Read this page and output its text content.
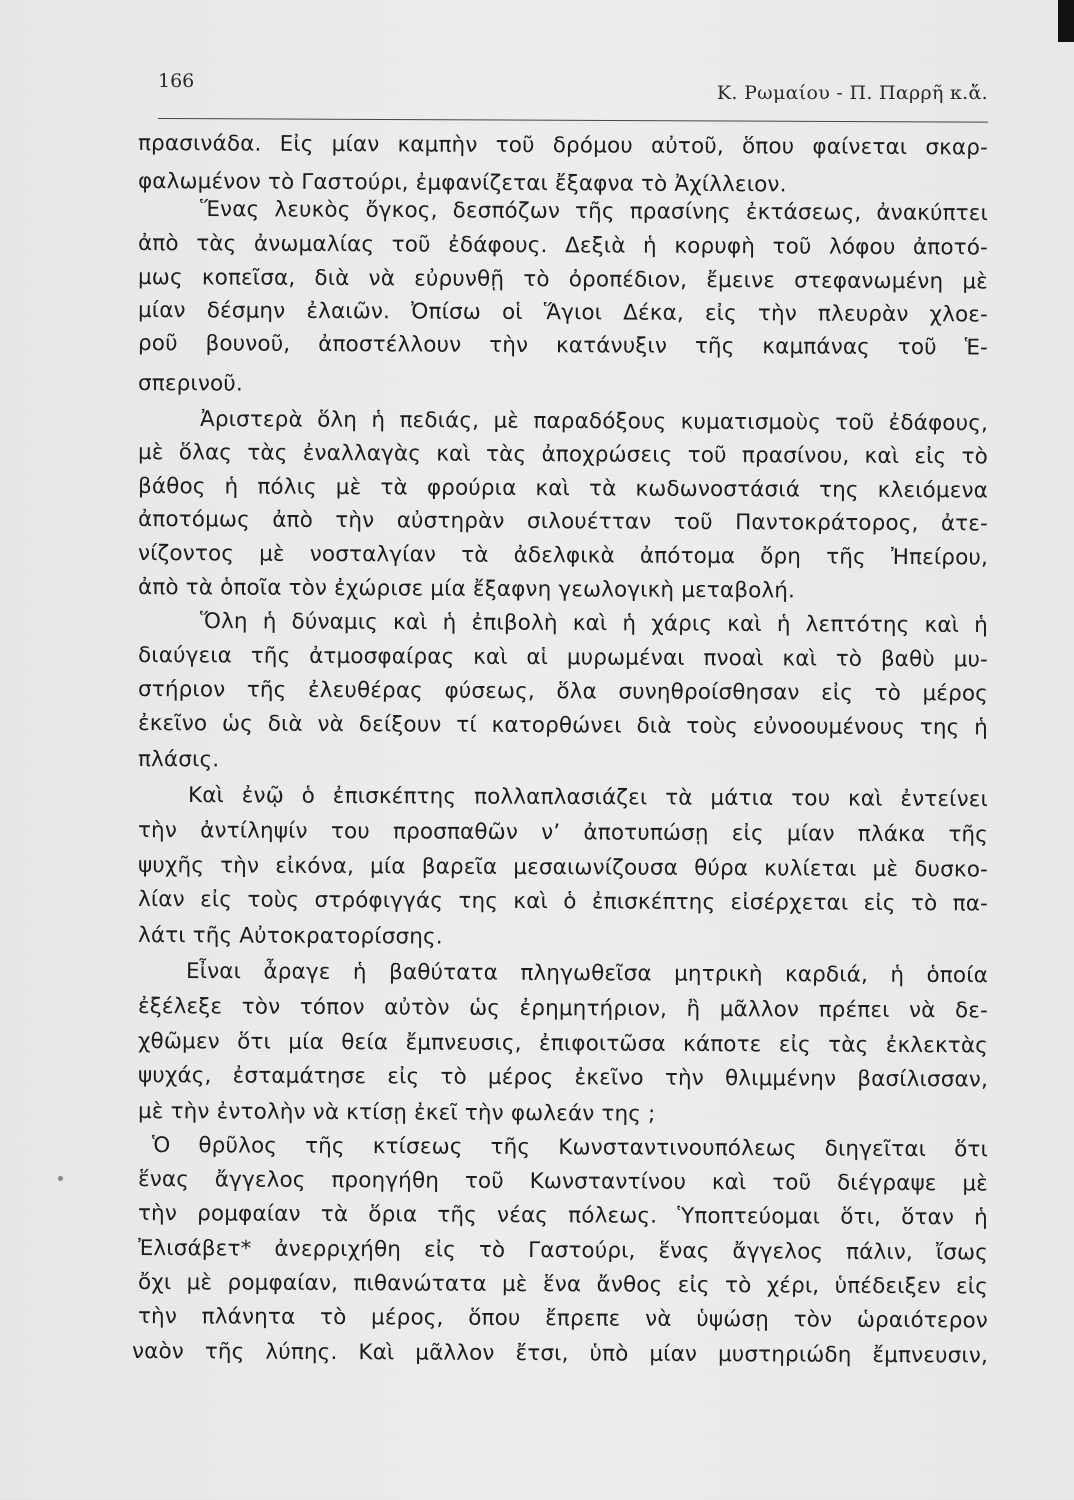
166
Κ. Ρωμαίου - Π. Παρρῆ κ.ἄ.
πρασινάδα. Εἰς μίαν καμπὴν τοῦ δρόμου αὐτοῦ, ὅπου φαίνεται σκαρ-
φαλωμένον τὸ Γαστούρι, ἐμφανίζεται ἔξαφνα τὸ Ἀχίλλειον.
Ἕνας λευκὸς ὄγκος, δεσπόζων τῆς πρασίνης ἐκτάσεως, ἀνακύπτει
ἀπὸ τὰς ἀνωμαλίας τοῦ ἐδάφους. Δεξιὰ ἡ κορυφὴ τοῦ λόφου ἀποτό-
μως κοπεῖσα, διὰ νὰ εὐρυνθῇ τὸ ὀροπέδιον, ἔμεινε στεφανωμένη μὲ
μίαν δέσμην ἐλαιῶν. Ὀπίσω οἱ Ἅγιοι Δέκα, εἰς τὴν πλευρὰν χλοε-
ροῦ βουνοῦ, ἀποστέλλουν τὴν κατάνυξιν τῆς καμπάνας τοῦ Ἑ-
σπερινοῦ.
Ἀριστερὰ ὅλη ἡ πεδιάς, μὲ παραδόξους κυματισμοὺς τοῦ ἐδάφους,
μὲ ὅλας τὰς ἐναλλαγὰς καὶ τὰς ἀποχρώσεις τοῦ πρασίνου, καὶ εἰς τὸ
βάθος ἡ πόλις μὲ τὰ φρούρια καὶ τὰ κωδωνοστάσιά της κλειόμενα
ἀποτόμως ἀπὸ τὴν αὐστηρὰν σιλουέτταν τοῦ Παντοκράτορος, ἀτε-
νίζοντος μὲ νοσταλγίαν τὰ ἀδελφικὰ ἀπότομα ὄρη τῆς Ἠπείρου,
ἀπὸ τὰ ὁποῖα τὸν ἐχώρισε μία ἔξαφνη γεωλογικὴ μεταβολή.
Ὅλη ἡ δύναμις καὶ ἡ ἐπιβολὴ καὶ ἡ χάρις καὶ ἡ λεπτότης καὶ ἡ
διαύγεια τῆς ἀτμοσφαίρας καὶ αἱ μυρωμέναι πνοαὶ καὶ τὸ βαθὺ μυ-
στήριον τῆς ἐλευθέρας φύσεως, ὅλα συνηθροίσθησαν εἰς τὸ μέρος
ἐκεῖνο ὡς διὰ νὰ δείξουν τί κατορθώνει διὰ τοὺς εὐνοουμένους της ἡ
πλάσις.
Καὶ ἐνῷ ὁ ἐπισκέπτης πολλαπλασιάζει τὰ μάτια του καὶ ἐντείνει
τὴν ἀντίληψίν του προσπαθῶν νʼ ἀποτυπώσῃ εἰς μίαν πλάκα τῆς
ψυχῆς τὴν εἰκόνα, μία βαρεῖα μεσαιωνίζουσα θύρα κυλίεται μὲ δυσκο-
λίαν εἰς τοὺς στρόφιγγάς της καὶ ὁ ἐπισκέπτης εἰσέρχεται εἰς τὸ πα-
λάτι τῆς Αὐτοκρατορίσσης.
Εἶναι ἆραγε ἡ βαθύτατα πληγωθεῖσα μητρικὴ καρδιά, ἡ ὁποία
ἐξέλεξε τὸν τόπον αὐτὸν ὡς ἐρημητήριον, ἢ μᾶλλον πρέπει νὰ δε-
χθῶμεν ὅτι μία θεία ἔμπνευσις, ἐπιφοιτῶσα κάποτε εἰς τὰς ἐκλεκτὰς
ψυχάς, ἐσταμάτησε εἰς τὸ μέρος ἐκεῖνο τὴν θλιμμένην βασίλισσαν,
μὲ τὴν ἐντολὴν νὰ κτίσῃ ἐκεῖ τὴν φωλεάν της ;
Ὁ θρῦλος τῆς κτίσεως τῆς Κωνσταντινουπόλεως διηγεῖται ὅτι
ἕνας ἄγγελος προηγήθη τοῦ Κωνσταντίνου καὶ τοῦ διέγραψε μὲ
τὴν ρομφαίαν τὰ ὅρια τῆς νέας πόλεως. Ὑποπτεύομαι ὅτι, ὅταν ἡ
Ἐλισάβετ* ἀνερριχήθη εἰς τὸ Γαστούρι, ἕνας ἄγγελος πάλιν, ἴσως
ὄχι μὲ ρομφαίαν, πιθανώτατα μὲ ἕνα ἄνθος εἰς τὸ χέρι, ὑπέδειξεν εἰς
τὴν πλάνητα τὸ μέρος, ὅπου ἔπρεπε νὰ ὑψώσῃ τὸν ὡραιότερον
ναὸν τῆς λύπης. Καὶ μᾶλλον ἔτσι, ὑπὸ μίαν μυστηριώδη ἔμπνευσιν,
